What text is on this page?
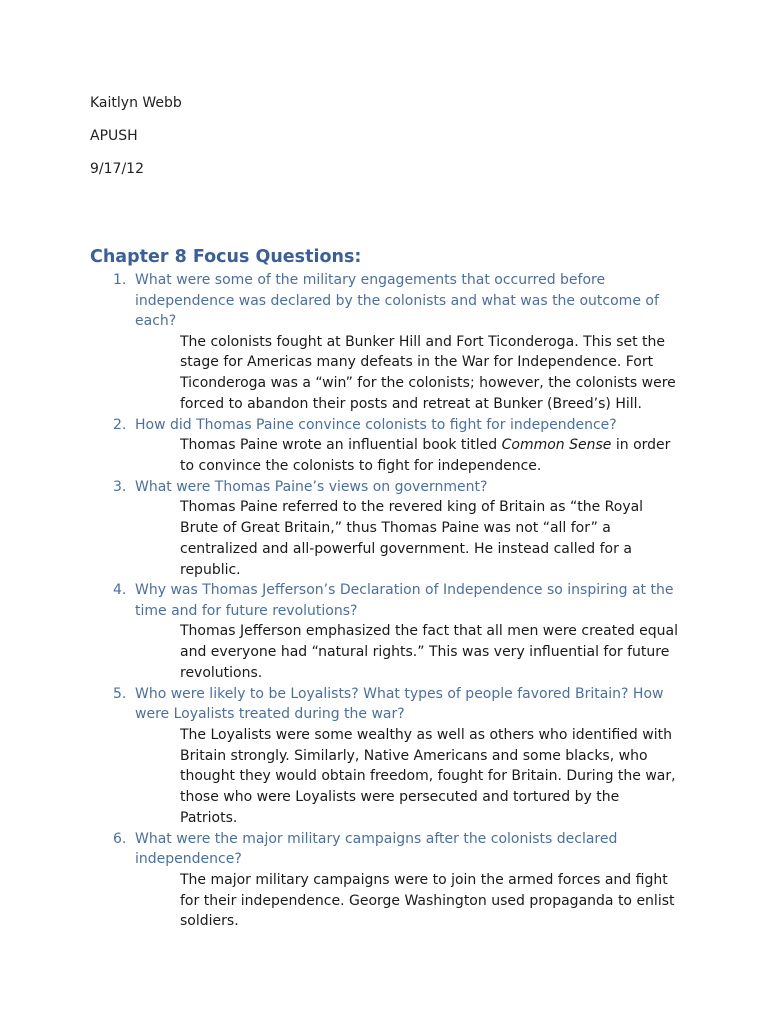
Kaitlyn Webb
APUSH
9/17/12
Chapter 8 Focus Questions:
1. What were some of the military engagements that occurred before independence was declared by the colonists and what was the outcome of each?
The colonists fought at Bunker Hill and Fort Ticonderoga. This set the stage for Americas many defeats in the War for Independence. Fort Ticonderoga was a “win” for the colonists; however, the colonists were forced to abandon their posts and retreat at Bunker (Breed’s) Hill.
2. How did Thomas Paine convince colonists to fight for independence?
Thomas Paine wrote an influential book titled Common Sense in order to convince the colonists to fight for independence.
3. What were Thomas Paine’s views on government?
Thomas Paine referred to the revered king of Britain as “the Royal Brute of Great Britain,” thus Thomas Paine was not “all for” a centralized and all-powerful government. He instead called for a republic.
4. Why was Thomas Jefferson’s Declaration of Independence so inspiring at the time and for future revolutions?
Thomas Jefferson emphasized the fact that all men were created equal and everyone had “natural rights.” This was very influential for future revolutions.
5. Who were likely to be Loyalists? What types of people favored Britain? How were Loyalists treated during the war?
The Loyalists were some wealthy as well as others who identified with Britain strongly. Similarly, Native Americans and some blacks, who thought they would obtain freedom, fought for Britain. During the war, those who were Loyalists were persecuted and tortured by the Patriots.
6. What were the major military campaigns after the colonists declared independence?
The major military campaigns were to join the armed forces and fight for their independence. George Washington used propaganda to enlist soldiers.
